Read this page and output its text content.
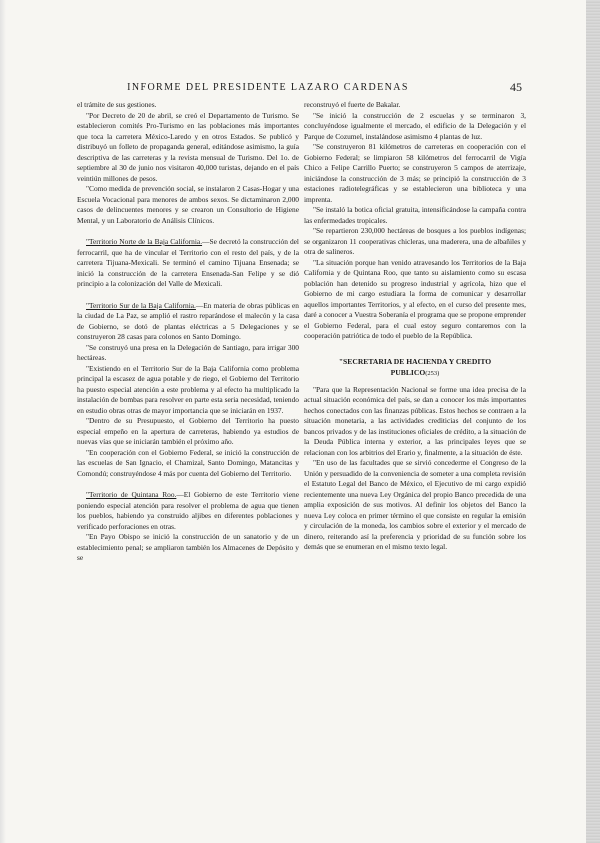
INFORME DEL PRESIDENTE LAZARO CARDENAS	45

el trámite de sus gestiones.

"Por Decreto de 20 de abril, se creó el Departamento de Turismo. Se establecieron comités Pro-Turismo en las poblaciones más importantes que toca la carretera México-Laredo y en otros Estados. Se publicó y distribuyó un folleto de propaganda general, editándose asimismo, la guía descriptiva de las carreteras y la revista mensual de Turismo. Del 1o. de septiembre al 30 de junio nos visitaron 40,000 turistas, dejando en el país veintiún millones de pesos.

"Como medida de prevención social, se instalaron 2 Casas-Hogar y una Escuela Vocacional para menores de ambos sexos. Se dictaminaron 2,000 casos de delincuentes menores y se crearon un Consultorio de Higiene Mental, y un Laboratorio de Análisis Clínicos.

"Territorio Norte de la Baja California.—Se decretó la construcción del ferrocarril, que ha de vincular el Territorio con el resto del país, y de la carretera Tijuana-Mexicali. Se terminó el camino Tijuana Ensenada; se inició la construcción de la carretera Ensenada-San Felipe y se dió principio a la colonización del Valle de Mexicali.

"Territorio Sur de la Baja California.—En materia de obras públicas en la ciudad de La Paz, se amplió el rastro reparándose el malecón y la casa de Gobierno, se dotó de plantas eléctricas a 5 Delegaciones y se construyeron 28 casas para colonos en Santo Domingo.

"Se construyó una presa en la Delegación de Santiago, para irrigar 300 hectáreas.

"Existiendo en el Territorio Sur de la Baja California como problema principal la escasez de agua potable y de riego, el Gobierno del Territorio ha puesto especial atención a este problema y al efecto ha multiplicado la instalación de bombas para resolver en parte esta seria necesidad, teniendo en estudio obras otras de mayor importancia que se iniciarán en 1937.

"Dentro de su Presupuesto, el Gobierno del Territorio ha puesto especial empeño en la apertura de carreteras, habiendo ya estudios de nuevas vías que se iniciarán también el próximo año.

"En cooperación con el Gobierno Federal, se inició la construcción de las escuelas de San Ignacio, el Chamizal, Santo Domingo, Matancitas y Comondú; construyéndose 4 más por cuenta del Gobierno del Territorio.

"Territorio de Quintana Roo.—El Gobierno de este Territorio viene poniendo especial atención para resolver el problema de agua que tienen los pueblos, habiendo ya construido aljibes en diferentes poblaciones y verificado perforaciones en otras.

"En Payo Obispo se inició la construcción de un sanatorio y de un establecimiento penal; se ampliaron también los Almacenes de Depósito y se

reconstruyó el fuerte de Bakalar.

"Se inició la construcción de 2 escuelas y se terminaron 3, concluyéndose igualmente el mercado, el edificio de la Delegación y el Parque de Cozumel, instalándose asimismo 4 plantas de luz.

"Se construyeron 81 kilómetros de carreteras en cooperación con el Gobierno Federal; se limpiaron 58 kilómetros del ferrocarril de Vigía Chico a Felipe Carrillo Puerto; se construyeron 5 campos de aterrizaje, iniciándose la construcción de 3 más; se principió la construcción de 3 estaciones radiotelegráficas y se establecieron una biblioteca y una imprenta.

"Se instaló la botica oficial gratuita, intensificándose la campaña contra las enfermedades tropicales.

"Se repartieron 230,000 hectáreas de bosques a los pueblos indígenas; se organizaron 11 cooperativas chicleras, una maderera, una de albañiles y otra de salineros.

"La situación porque han venido atravesando los Territorios de la Baja California y de Quintana Roo, que tanto su aislamiento como su escasa población han detenido su progreso industrial y agrícola, hizo que el Gobierno de mi cargo estudiara la forma de comunicar y desarrollar aquellos importantes Territorios, y al efecto, en el curso del presente mes, daré a conocer a Vuestra Soberanía el programa que se propone emprender el Gobierno Federal, para el cual estoy seguro contaremos con la cooperación patriótica de todo el pueblo de la República.

"SECRETARIA DE HACIENDA Y CREDITO
PUBLICO(253)

"Para que la Representación Nacional se forme una idea precisa de la actual situación económica del país, se dan a conocer los más importantes hechos conectados con las finanzas públicas. Estos hechos se contraen a la situación monetaria, a las actividades crediticias del conjunto de los bancos privados y de las instituciones oficiales de crédito, a la situación de la Deuda Pública interna y exterior, a las principales leyes que se relacionan con los arbitrios del Erario y, finalmente, a la situación de éste.

"En uso de las facultades que se sirvió concederme el Congreso de la Unión y persuadido de la conveniencia de someter a una completa revisión el Estatuto Legal del Banco de México, el Ejecutivo de mi cargo expidió recientemente una nueva Ley Orgánica del propio Banco precedida de una amplia exposición de sus motivos. Al definir los objetos del Banco la nueva Ley coloca en primer término el que consiste en regular la emisión y circulación de la moneda, los cambios sobre el exterior y el mercado de dinero, reiterando así la preferencia y prioridad de su función sobre los demás que se enumeran en el mismo texto legal.
